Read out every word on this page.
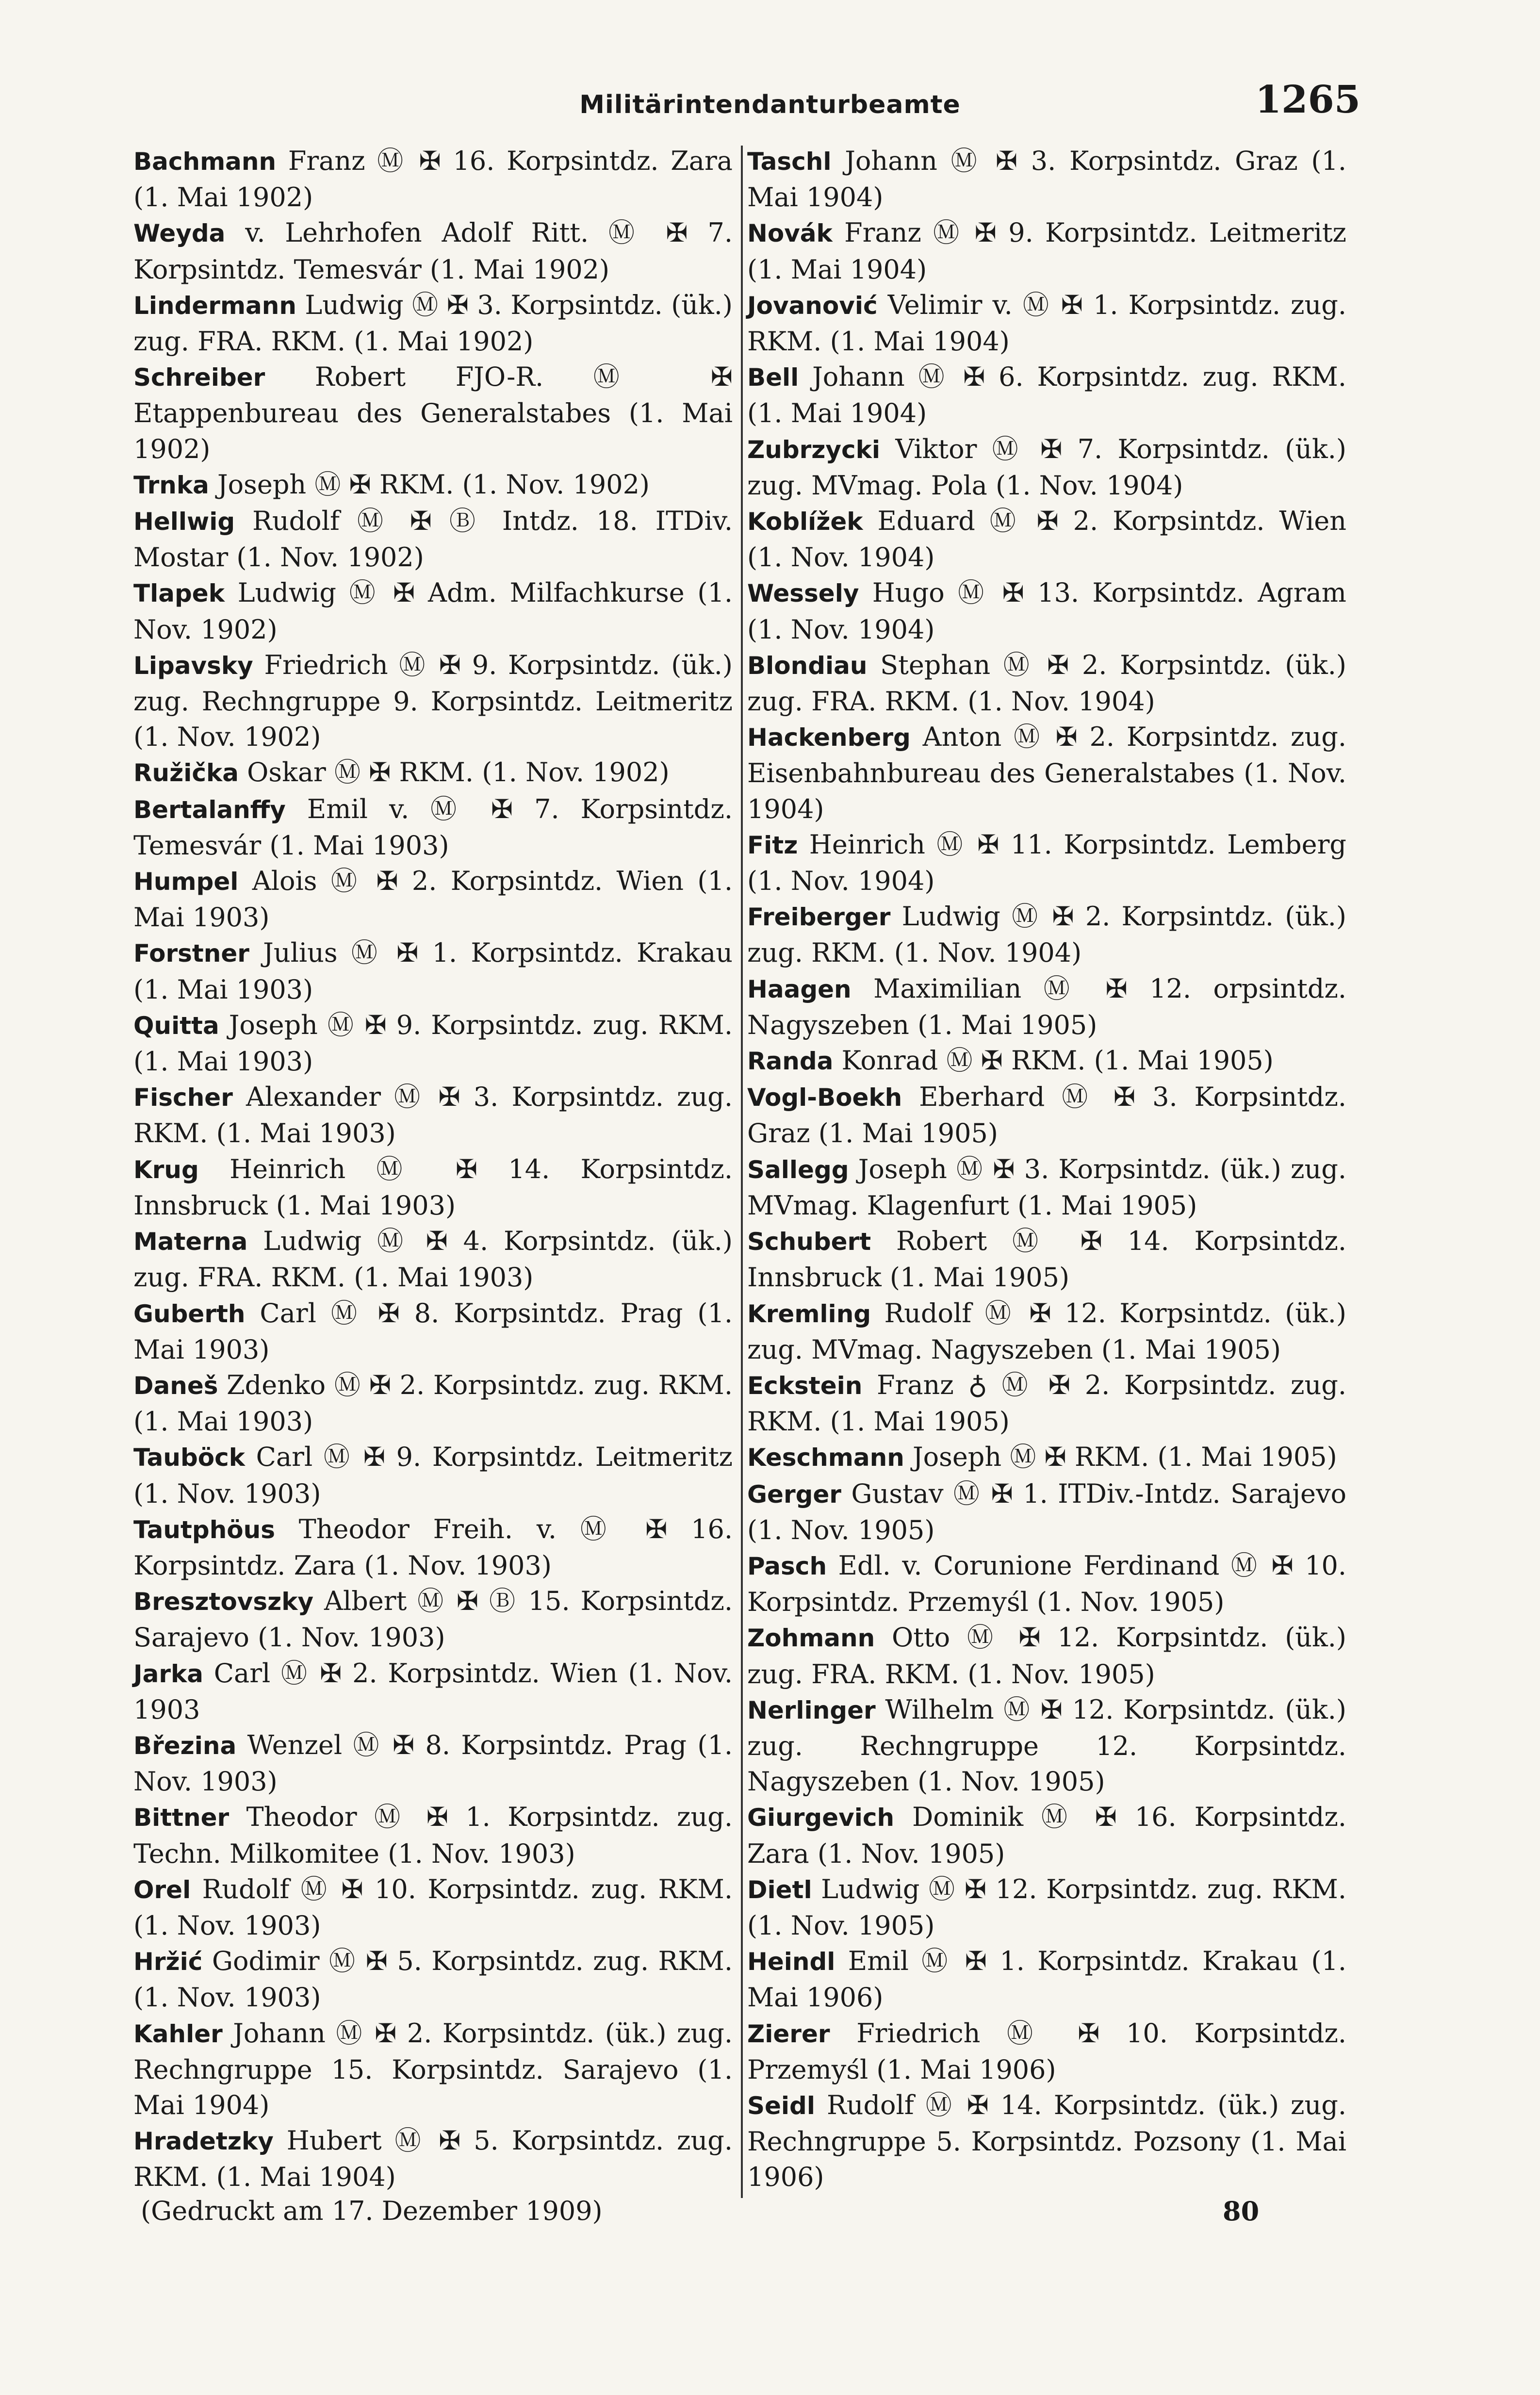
Militärintendanturbeamte	1265
Bachmann Franz Ⓜ ✠ 16. Korpsintdz. Zara (1. Mai 1902)
Weyda v. Lehrhofen Adolf Ritt. Ⓜ ✠ 7. Korpsintdz. Temesvár (1. Mai 1902)
Lindermann Ludwig Ⓜ ✠ 3. Korpsintdz. (ük.) zug. FRA. RKM. (1. Mai 1902)
Schreiber Robert FJO-R. Ⓜ ✠ Etappenbureau des Generalstabes (1. Mai 1902)
Trnka Joseph Ⓜ ✠ RKM. (1. Nov. 1902)
Hellwig Rudolf Ⓜ ✠ Ⓑ Intdz. 18. ITDiv. Mostar (1. Nov. 1902)
Tlapek Ludwig Ⓜ ✠ Adm. Milfachkurse (1. Nov. 1902)
Lipavsky Friedrich Ⓜ ✠ 9. Korpsintdz. (ük.) zug. Rechngruppe 9. Korpsintdz. Leitmeritz (1. Nov. 1902)
Ružička Oskar Ⓜ ✠ RKM. (1. Nov. 1902)
Bertalanffy Emil v. Ⓜ ✠ 7. Korpsintdz. Temesvár (1. Mai 1903)
Humpel Alois Ⓜ ✠ 2. Korpsintdz. Wien (1. Mai 1903)
Forstner Julius Ⓜ ✠ 1. Korpsintdz. Krakau (1. Mai 1903)
Quitta Joseph Ⓜ ✠ 9. Korpsintdz. zug. RKM. (1. Mai 1903)
Fischer Alexander Ⓜ ✠ 3. Korpsintdz. zug. RKM. (1. Mai 1903)
Krug Heinrich Ⓜ ✠ 14. Korpsintdz. Innsbruck (1. Mai 1903)
Materna Ludwig Ⓜ ✠ 4. Korpsintdz. (ük.) zug. FRA. RKM. (1. Mai 1903)
Guberth Carl Ⓜ ✠ 8. Korpsintdz. Prag (1. Mai 1903)
Daneš Zdenko Ⓜ ✠ 2. Korpsintdz. zug. RKM. (1. Mai 1903)
Tauböck Carl Ⓜ ✠ 9. Korpsintdz. Leitmeritz (1. Nov. 1903)
Tautphöus Theodor Freih. v. Ⓜ ✠ 16. Korpsintdz. Zara (1. Nov. 1903)
Bresztovszky Albert Ⓜ ✠ Ⓑ 15. Korpsintdz. Sarajevo (1. Nov. 1903)
Jarka Carl Ⓜ ✠ 2. Korpsintdz. Wien (1. Nov. 1903
Březina Wenzel Ⓜ ✠ 8. Korpsintdz. Prag (1. Nov. 1903)
Bittner Theodor Ⓜ ✠ 1. Korpsintdz. zug. Techn. Milkomitee (1. Nov. 1903)
Orel Rudolf Ⓜ ✠ 10. Korpsintdz. zug. RKM. (1. Nov. 1903)
Hržić Godimir Ⓜ ✠ 5. Korpsintdz. zug. RKM. (1. Nov. 1903)
Kahler Johann Ⓜ ✠ 2. Korpsintdz. (ük.) zug. Rechngruppe 15. Korpsintdz. Sarajevo (1. Mai 1904)
Hradetzky Hubert Ⓜ ✠ 5. Korpsintdz. zug. RKM. (1. Mai 1904)
Taschl Johann Ⓜ ✠ 3. Korpsintdz. Graz (1. Mai 1904)
Novák Franz Ⓜ ✠ 9. Korpsintdz. Leitmeritz (1. Mai 1904)
Jovanović Velimir v. Ⓜ ✠ 1. Korpsintdz. zug. RKM. (1. Mai 1904)
Bell Johann Ⓜ ✠ 6. Korpsintdz. zug. RKM. (1. Mai 1904)
Zubrzycki Viktor Ⓜ ✠ 7. Korpsintdz. (ük.) zug. MVmag. Pola (1. Nov. 1904)
Koblížek Eduard Ⓜ ✠ 2. Korpsintdz. Wien (1. Nov. 1904)
Wessely Hugo Ⓜ ✠ 13. Korpsintdz. Agram (1. Nov. 1904)
Blondiau Stephan Ⓜ ✠ 2. Korpsintdz. (ük.) zug. FRA. RKM. (1. Nov. 1904)
Hackenberg Anton Ⓜ ✠ 2. Korpsintdz. zug. Eisenbahnbureau des Generalstabes (1. Nov. 1904)
Fitz Heinrich Ⓜ ✠ 11. Korpsintdz. Lemberg (1. Nov. 1904)
Freiberger Ludwig Ⓜ ✠ 2. Korpsintdz. (ük.) zug. RKM. (1. Nov. 1904)
Haagen Maximilian Ⓜ ✠ 12. orpsintdz. Nagyszeben (1. Mai 1905)
Randa Konrad Ⓜ ✠ RKM. (1. Mai 1905)
Vogl-Boekh Eberhard Ⓜ ✠ 3. Korpsintdz. Graz (1. Mai 1905)
Sallegg Joseph Ⓜ ✠ 3. Korpsintdz. (ük.) zug. MVmag. Klagenfurt (1. Mai 1905)
Schubert Robert Ⓜ ✠ 14. Korpsintdz. Innsbruck (1. Mai 1905)
Kremling Rudolf Ⓜ ✠ 12. Korpsintdz. (ük.) zug. MVmag. Nagyszeben (1. Mai 1905)
Eckstein Franz ♁ Ⓜ ✠ 2. Korpsintdz. zug. RKM. (1. Mai 1905)
Keschmann Joseph Ⓜ ✠ RKM. (1. Mai 1905)
Gerger Gustav Ⓜ ✠ 1. ITDiv.-Intdz. Sarajevo (1. Nov. 1905)
Pasch Edl. v. Corunione Ferdinand Ⓜ ✠ 10. Korpsintdz. Przemyśl (1. Nov. 1905)
Zohmann Otto Ⓜ ✠ 12. Korpsintdz. (ük.) zug. FRA. RKM. (1. Nov. 1905)
Nerlinger Wilhelm Ⓜ ✠ 12. Korpsintdz. (ük.) zug. Rechngruppe 12. Korpsintdz. Nagyszeben (1. Nov. 1905)
Giurgevich Dominik Ⓜ ✠ 16. Korpsintdz. Zara (1. Nov. 1905)
Dietl Ludwig Ⓜ ✠ 12. Korpsintdz. zug. RKM. (1. Nov. 1905)
Heindl Emil Ⓜ ✠ 1. Korpsintdz. Krakau (1. Mai 1906)
Zierer Friedrich Ⓜ ✠ 10. Korpsintdz. Przemyśl (1. Mai 1906)
Seidl Rudolf Ⓜ ✠ 14. Korpsintdz. (ük.) zug. Rechngruppe 5. Korpsintdz. Pozsony (1. Mai 1906)
(Gedruckt am 17. Dezember 1909)	80
